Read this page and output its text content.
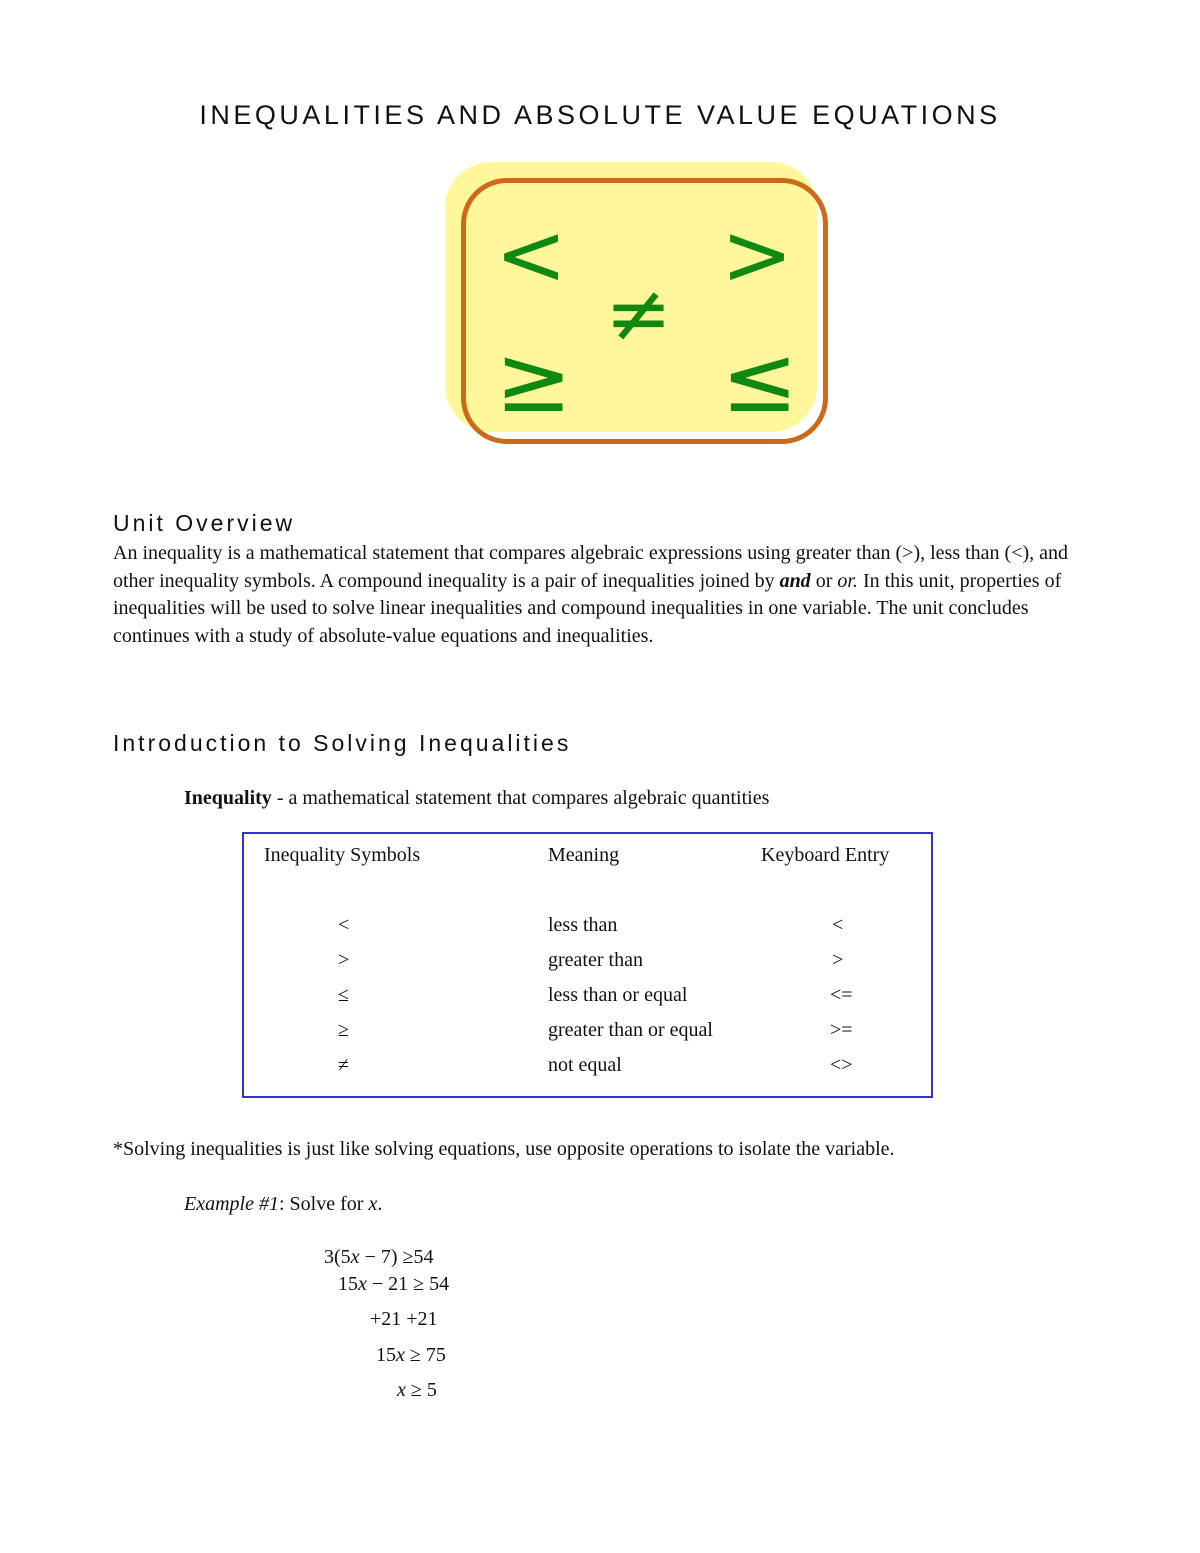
INEQUALITIES AND ABSOLUTE VALUE EQUATIONS
< >
≠
≥ ≤
Unit Overview

An inequality is a mathematical statement that compares algebraic expressions using greater than (>), less than (<), and other inequality symbols. A compound inequality is a pair of inequalities joined by and or or. In this unit, properties of inequalities will be used to solve linear inequalities and compound inequalities in one variable. The unit concludes continues with a study of absolute-value equations and inequalities.

Introduction to Solving Inequalities
Inequality - a mathematical statement that compares algebraic quantities
Inequality Symbols	Meaning	Keyboard Entry
<	less than	<
>	greater than	>
≤	less than or equal	<=
≥	greater than or equal	>=
≠	not equal	<>
*Solving inequalities is just like solving equations, use opposite operations to isolate the variable.
Example #1: Solve for x.
3(5x − 7) ≥54
15x − 21 ≥ 54
+21 +21
15x ≥ 75
x ≥ 5
